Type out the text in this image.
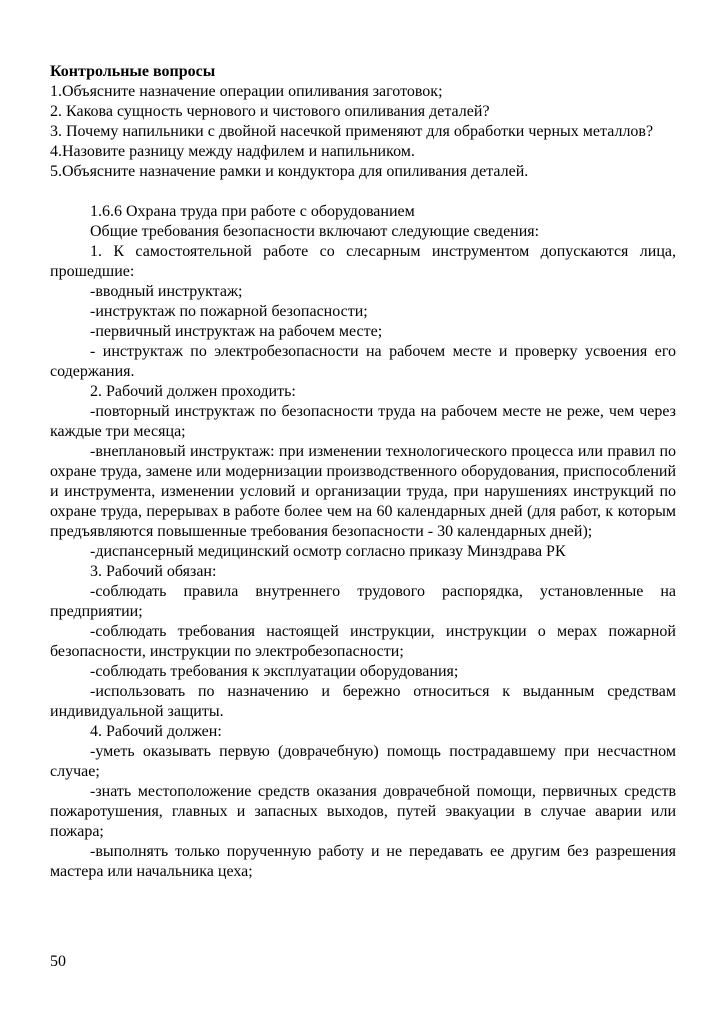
Контрольные вопросы

1.Объясните назначение операции опиливания заготовок;

2. Какова сущность чернового и чистового опиливания деталей?

3. Почему напильники с двойной насечкой применяют для обработки черных металлов?

4.Назовите разницу между надфилем и напильником.

5.Объясните назначение рамки и кондуктора для опиливания деталей.

1.6.6 Охрана труда при работе с оборудованием

Общие требования безопасности включают следующие сведения:

1. К самостоятельной работе со слесарным инструментом допускаются лица, прошедшие:

-вводный инструктаж;

-инструктаж по пожарной безопасности;

-первичный инструктаж на рабочем месте;

- инструктаж по электробезопасности на рабочем месте и проверку усвоения его содержания.

2. Рабочий должен проходить:

-повторный инструктаж по безопасности труда на рабочем месте не реже, чем через каждые три месяца;

-внеплановый инструктаж: при изменении технологического процесса или правил по охране труда, замене или модернизации производственного оборудования, приспособлений и инструмента, изменении условий и организации труда, при нарушениях инструкций по охране труда, перерывах в работе более чем на 60 календарных дней (для работ, к которым предъявляются повышенные требования безопасности - 30 календарных дней);

-диспансерный медицинский осмотр согласно приказу Минздрава РК

3. Рабочий обязан:

-соблюдать правила внутреннего трудового распорядка, установленные на предприятии;

-соблюдать требования настоящей инструкции, инструкции о мерах пожарной безопасности, инструкции по электробезопасности;

-соблюдать требования к эксплуатации оборудования;

-использовать по назначению и бережно относиться к выданным средствам индивидуальной защиты.

4. Рабочий должен:

-уметь оказывать первую (доврачебную) помощь пострадавшему при несчастном случае;

-знать местоположение средств оказания доврачебной помощи, первичных средств пожаротушения, главных и запасных выходов, путей эвакуации в случае аварии или пожара;

-выполнять только порученную работу и не передавать ее другим без разрешения мастера или начальника цеха;

50
